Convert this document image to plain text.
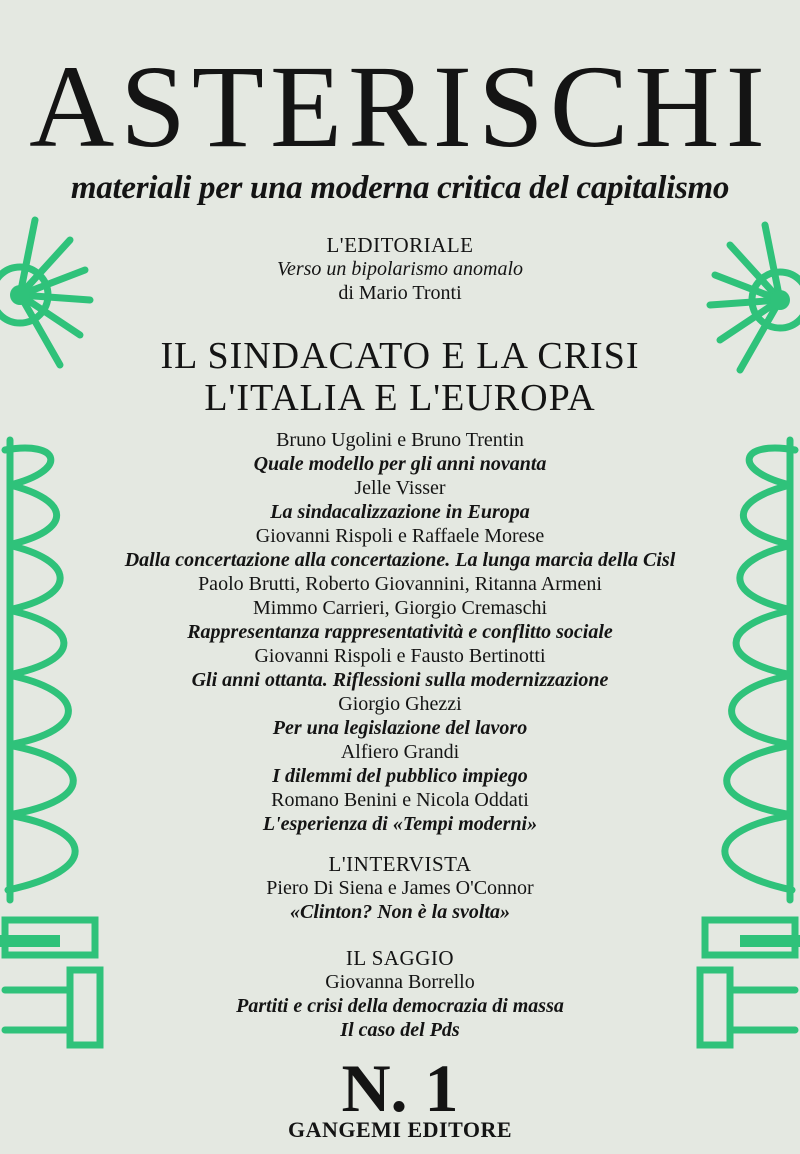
ASTERISCHI
materiali per una moderna critica del capitalismo
L'EDITORIALE
Verso un bipolarismo anomalo
di Mario Tronti
IL SINDACATO E LA CRISI
L'ITALIA E L'EUROPA
Bruno Ugolini e Bruno Trentin
Quale modello per gli anni novanta
Jelle Visser
La sindacalizzazione in Europa
Giovanni Rispoli e Raffaele Morese
Dalla concertazione alla concertazione. La lunga marcia della Cisl
Paolo Brutti, Roberto Giovannini, Ritanna Armeni
Mimmo Carrieri, Giorgio Cremaschi
Rappresentanza rappresentatività e conflitto sociale
Giovanni Rispoli e Fausto Bertinotti
Gli anni ottanta. Riflessioni sulla modernizzazione
Giorgio Ghezzi
Per una legislazione del lavoro
Alfiero Grandi
I dilemmi del pubblico impiego
Romano Benini e Nicola Oddati
L'esperienza di «Tempi moderni»
L'INTERVISTA
Piero Di Siena e James O'Connor
«Clinton? Non è la svolta»
IL SAGGIO
Giovanna Borrello
Partiti e crisi della democrazia di massa
Il caso del Pds
N. 1
GANGEMI EDITORE
